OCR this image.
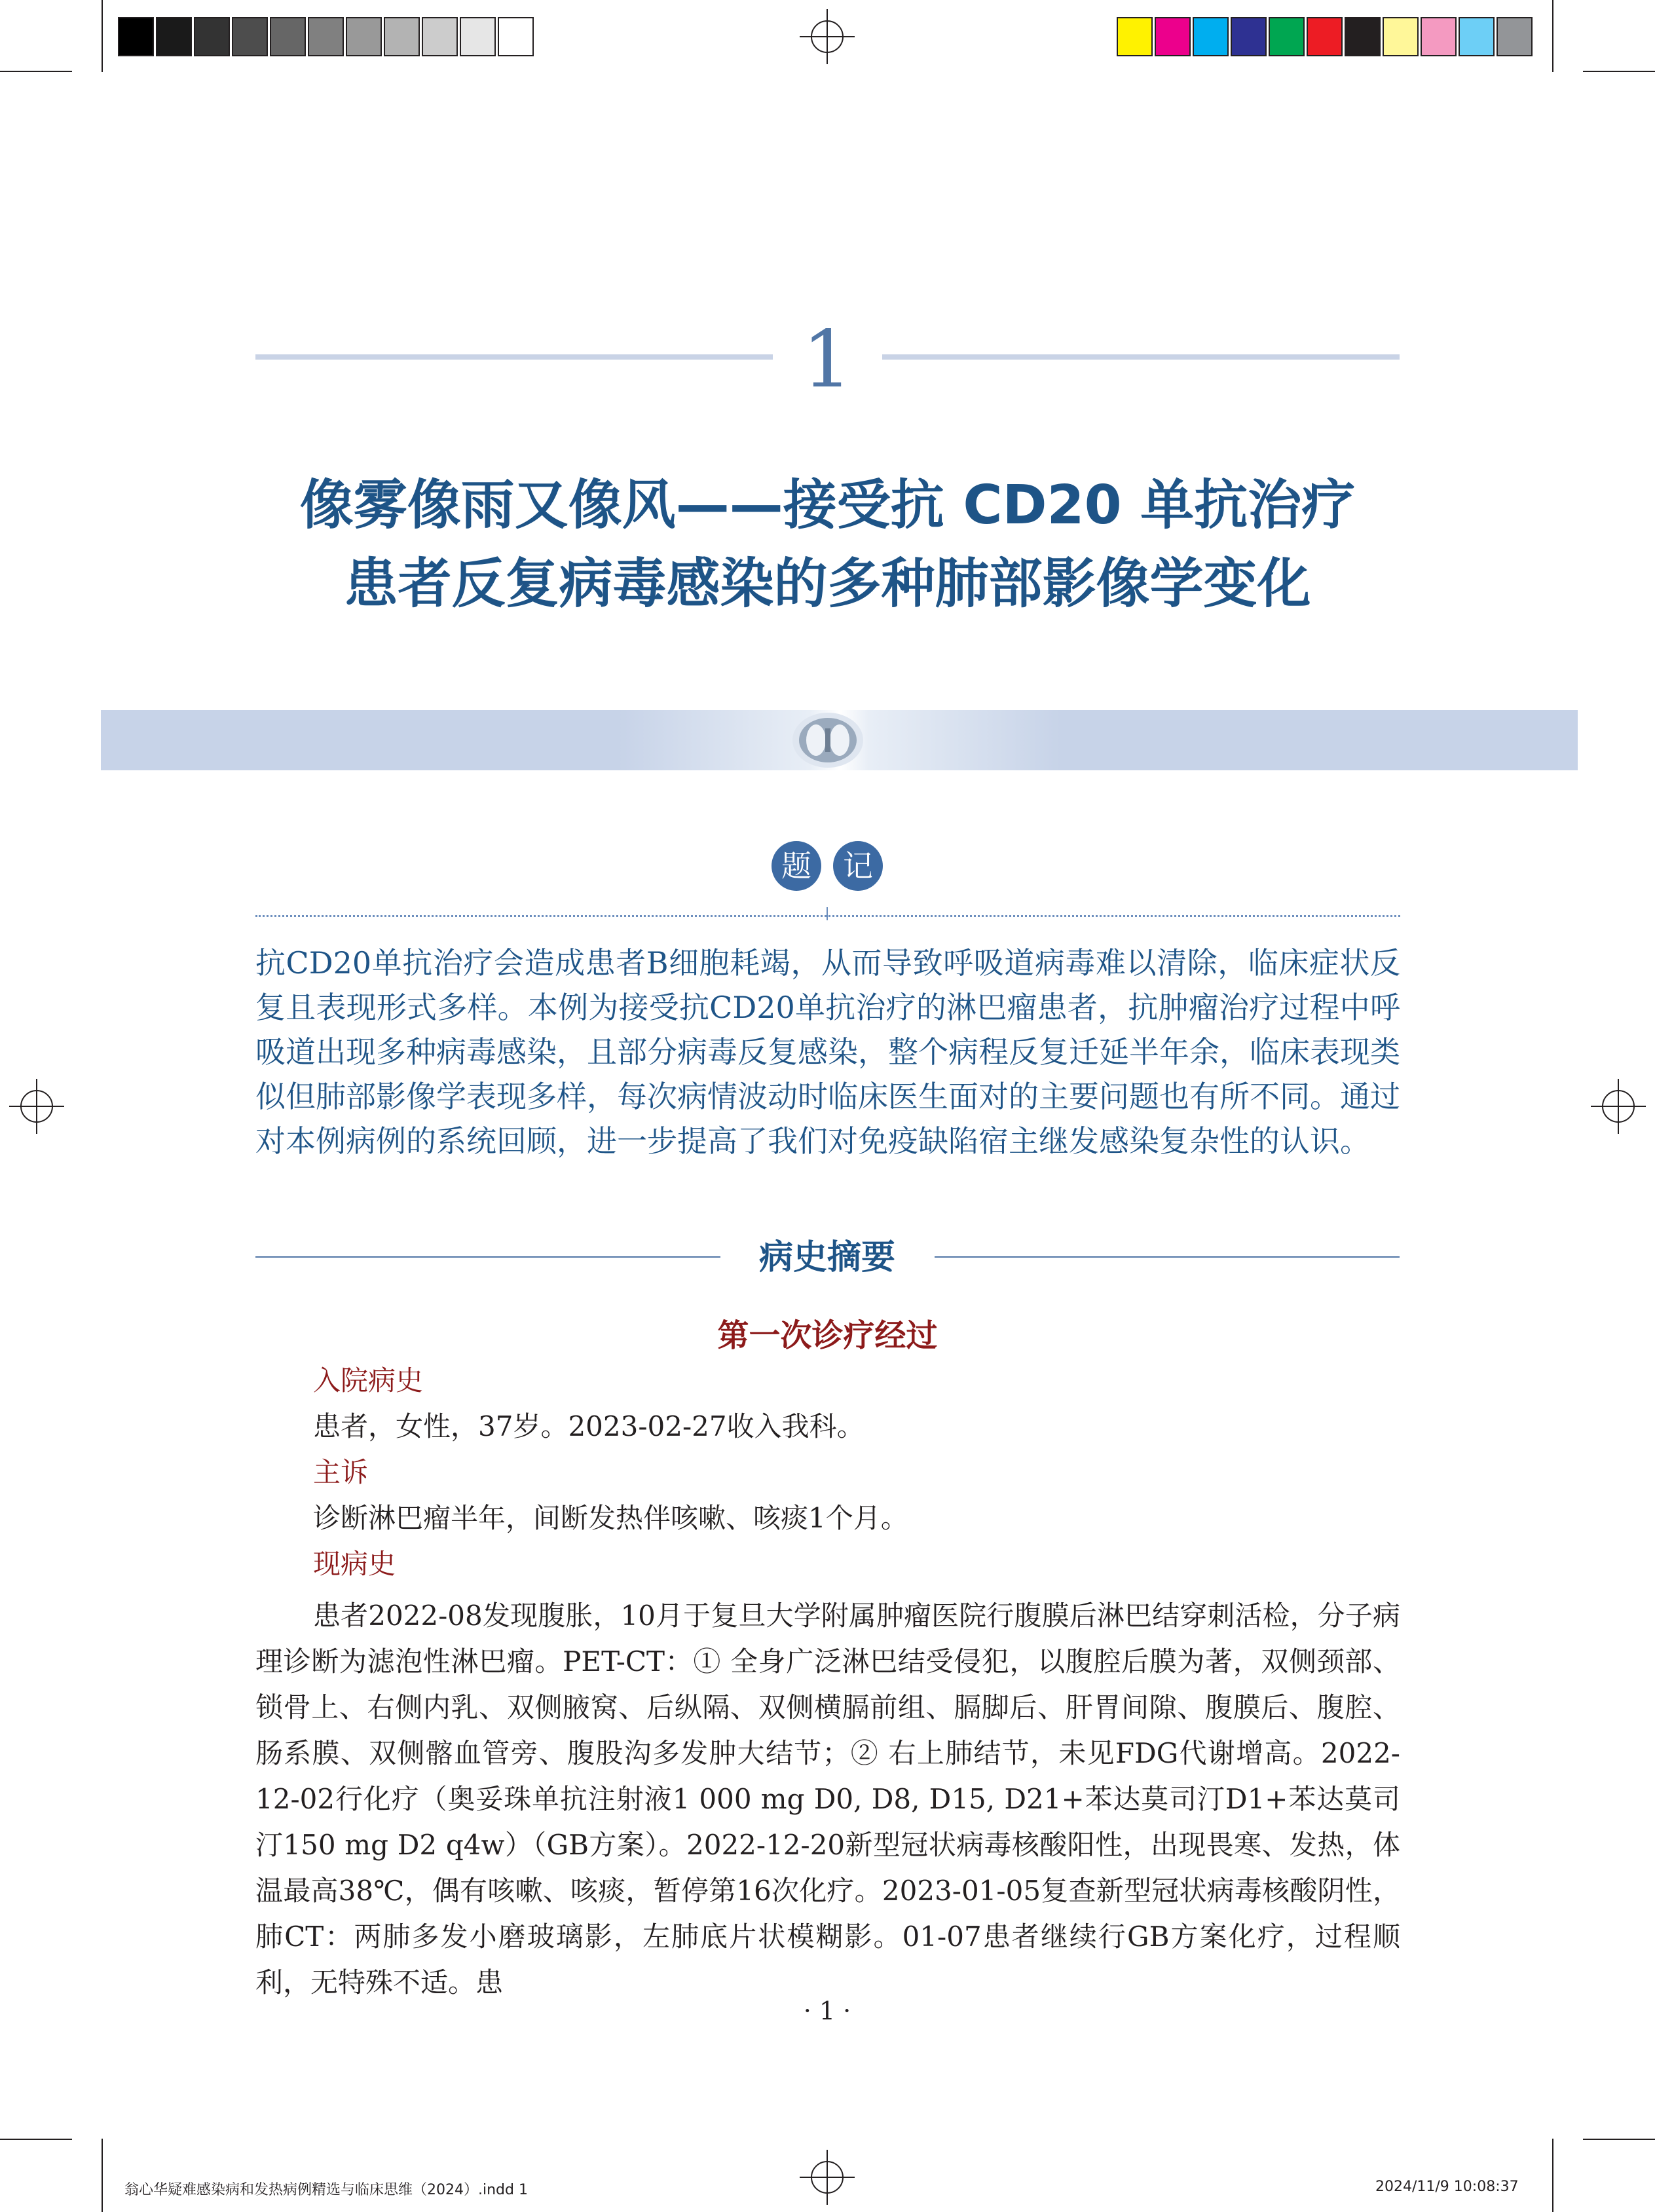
1
像雾像雨又像风——接受抗 CD20 单抗治疗
患者反复病毒感染的多种肺部影像学变化
题	记
抗CD20单抗治疗会造成患者B细胞耗竭，从而导致呼吸道病毒难以清除，临床症状反复且表现形式多样。本例为接受抗CD20单抗治疗的淋巴瘤患者，抗肿瘤治疗过程中呼吸道出现多种病毒感染，且部分病毒反复感染，整个病程反复迁延半年余，临床表现类似但肺部影像学表现多样，每次病情波动时临床医生面对的主要问题也有所不同。通过对本例病例的系统回顾，进一步提高了我们对免疫缺陷宿主继发感染复杂性的认识。
病史摘要
第一次诊疗经过
入院病史
患者，女性，37岁。2023-02-27收入我科。
主诉
诊断淋巴瘤半年，间断发热伴咳嗽、咳痰1个月。
现病史
患者2022-08发现腹胀，10月于复旦大学附属肿瘤医院行腹膜后淋巴结穿刺活检，分子病理诊断为滤泡性淋巴瘤。PET-CT：① 全身广泛淋巴结受侵犯，以腹腔后膜为著，双侧颈部、锁骨上、右侧内乳、双侧腋窝、后纵隔、双侧横膈前组、膈脚后、肝胃间隙、腹膜后、腹腔、肠系膜、双侧髂血管旁、腹股沟多发肿大结节；② 右上肺结节，未见FDG代谢增高。2022-12-02行化疗（奥妥珠单抗注射液1 000 mg D0, D8, D15, D21+苯达莫司汀D1+苯达莫司汀150 mg D2 q4w）（GB方案）。2022-12-20新型冠状病毒核酸阳性，出现畏寒、发热，体温最高38℃，偶有咳嗽、咳痰，暂停第16次化疗。2023-01-05复查新型冠状病毒核酸阴性，肺CT：两肺多发小磨玻璃影，左肺底片状模糊影。01-07患者继续行GB方案化疗，过程顺利，无特殊不适。患
· 1 ·
翁心华疑难感染病和发热病例精选与临床思维（2024）.indd 1	2024/11/9 10:08:37
